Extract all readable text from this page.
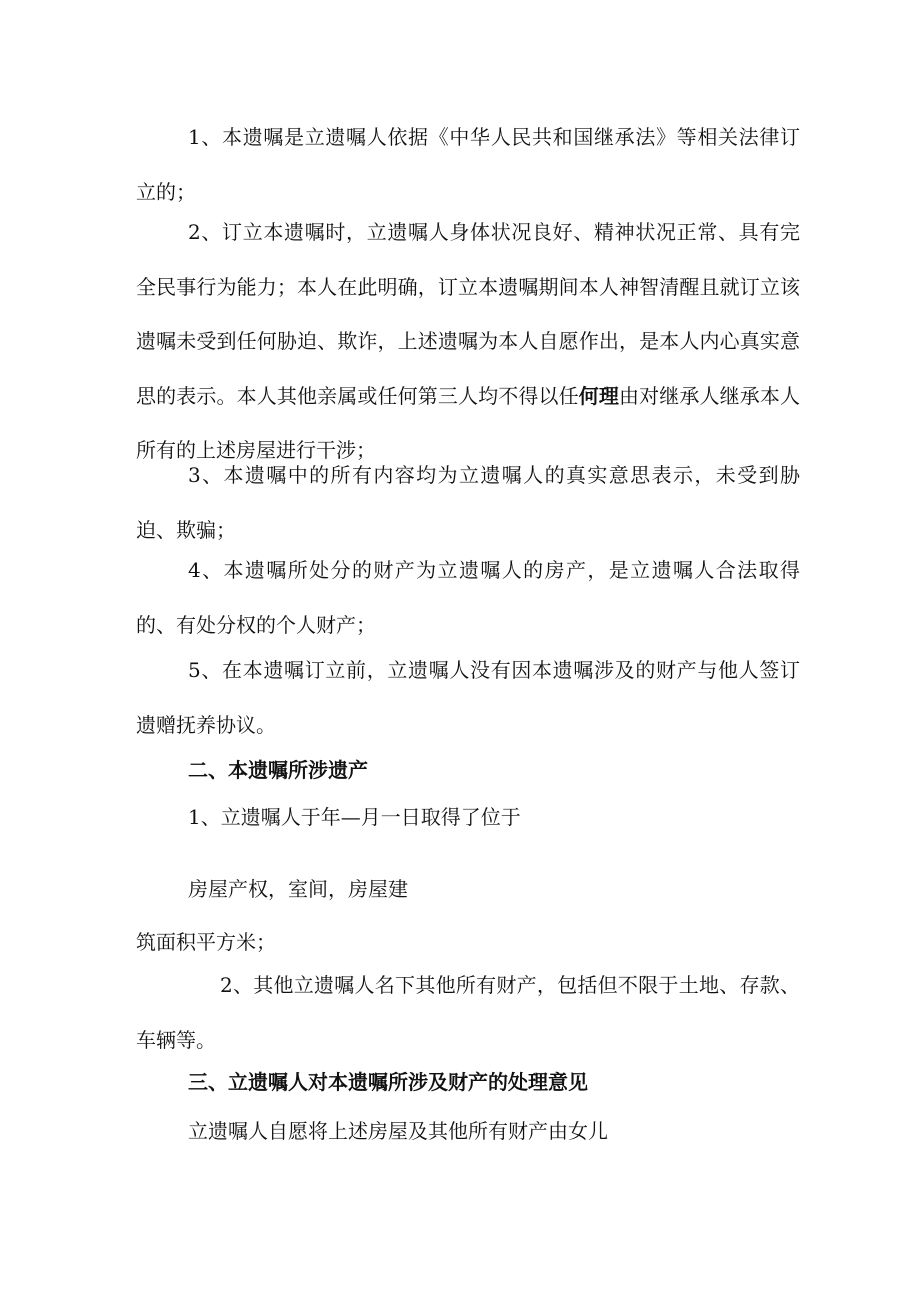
1、本遗嘱是立遗嘱人依据《中华人民共和国继承法》等相关法律订立的；

2、订立本遗嘱时，立遗嘱人身体状况良好、精神状况正常、具有完全民事行为能力；本人在此明确，订立本遗嘱期间本人神智清醒且就订立该遗嘱未受到任何胁迫、欺诈，上述遗嘱为本人自愿作出，是本人内心真实意思的表示。本人其他亲属或任何第三人均不得以任何理由对继承人继承本人所有的上述房屋进行干涉；

3、本遗嘱中的所有内容均为立遗嘱人的真实意思表示，未受到胁迫、欺骗；

4、本遗嘱所处分的财产为立遗嘱人的房产，是立遗嘱人合法取得的、有处分权的个人财产；

5、在本遗嘱订立前，立遗嘱人没有因本遗嘱涉及的财产与他人签订遗赠抚养协议。

二、本遗嘱所涉遗产

1、立遗嘱人于年—月一日取得了位于

房屋产权，室间，房屋建

筑面积平方米；

2、其他立遗嘱人名下其他所有财产，包括但不限于土地、存款、车辆等。

三、立遗嘱人对本遗嘱所涉及财产的处理意见

立遗嘱人自愿将上述房屋及其他所有财产由女儿
